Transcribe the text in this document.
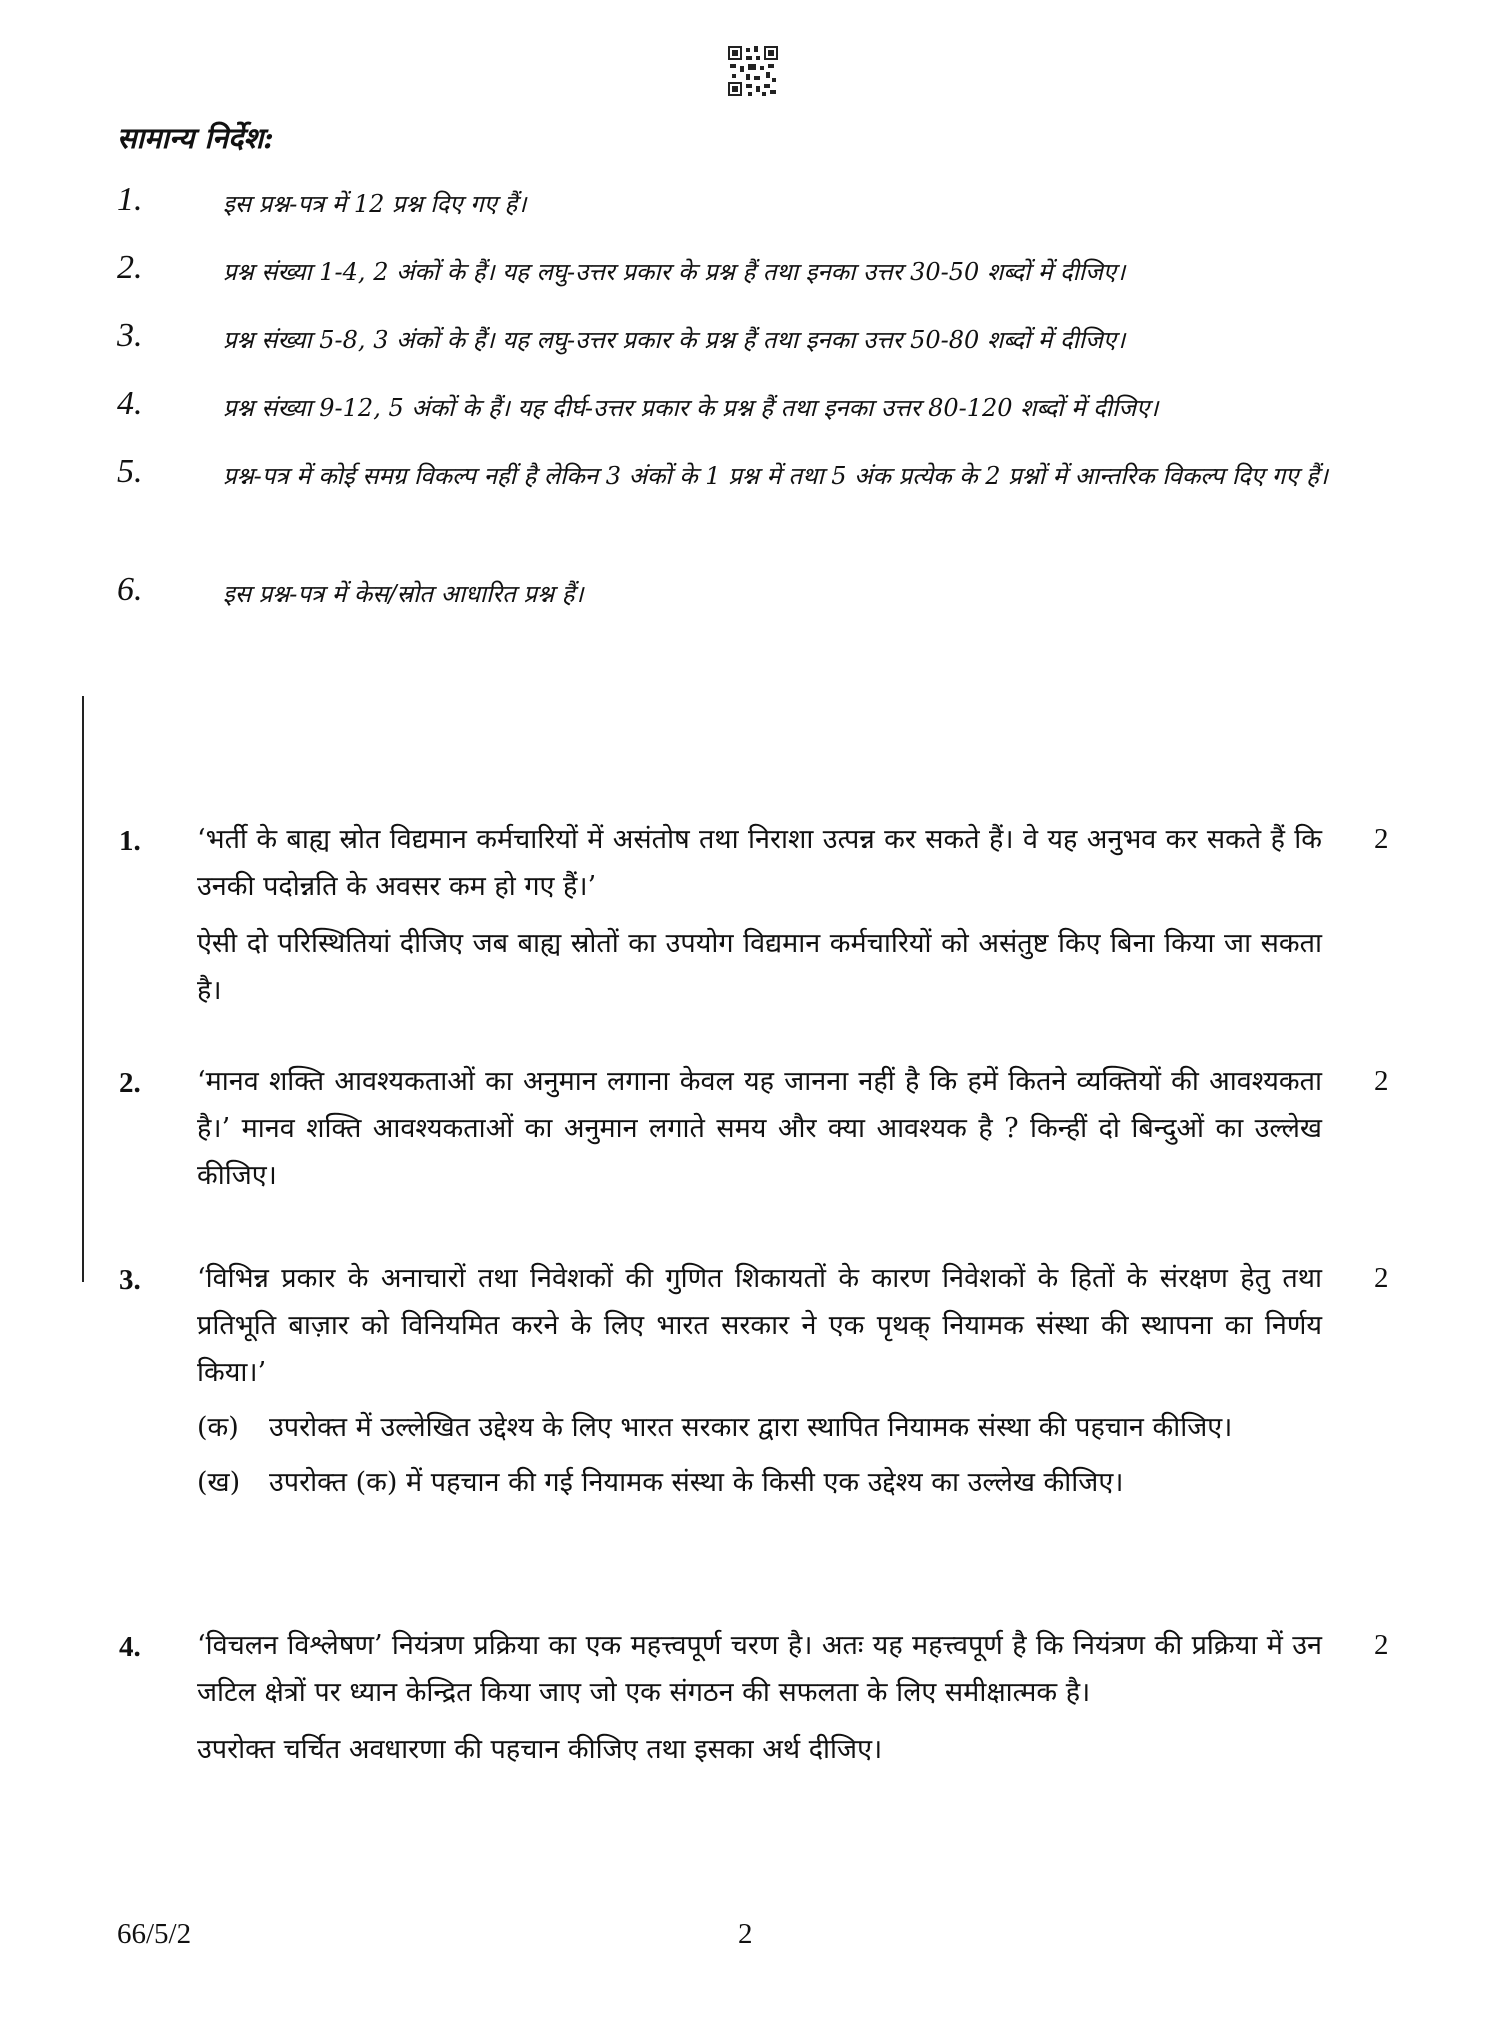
सामान्य निर्देश:
1.	इस प्रश्न-पत्र में 12 प्रश्न दिए गए हैं।
2.	प्रश्न संख्या 1-4, 2 अंकों के हैं। यह लघु-उत्तर प्रकार के प्रश्न हैं तथा इनका उत्तर 30-50 शब्दों में दीजिए।
3.	प्रश्न संख्या 5-8, 3 अंकों के हैं। यह लघु-उत्तर प्रकार के प्रश्न हैं तथा इनका उत्तर 50-80 शब्दों में दीजिए।
4.	प्रश्न संख्या 9-12, 5 अंकों के हैं। यह दीर्घ-उत्तर प्रकार के प्रश्न हैं तथा इनका उत्तर 80-120 शब्दों में दीजिए।
5.	प्रश्न-पत्र में कोई समग्र विकल्प नहीं है लेकिन 3 अंकों के 1 प्रश्न में तथा 5 अंक प्रत्येक के 2 प्रश्नों में आन्तरिक विकल्प दिए गए हैं।
6.	इस प्रश्न-पत्र में केस/स्रोत आधारित प्रश्न हैं।
1.	2
‘भर्ती के बाह्य स्रोत विद्यमान कर्मचारियों में असंतोष तथा निराशा उत्पन्न कर सकते हैं। वे यह अनुभव कर सकते हैं कि उनकी पदोन्नति के अवसर कम हो गए हैं।’
ऐसी दो परिस्थितियां दीजिए जब बाह्य स्रोतों का उपयोग विद्यमान कर्मचारियों को असंतुष्ट किए बिना किया जा सकता है।
2.	2
‘मानव शक्ति आवश्यकताओं का अनुमान लगाना केवल यह जानना नहीं है कि हमें कितने व्यक्तियों की आवश्यकता है।’ मानव शक्ति आवश्यकताओं का अनुमान लगाते समय और क्या आवश्यक है ? किन्हीं दो बिन्दुओं का उल्लेख कीजिए।
3.	2
‘विभिन्न प्रकार के अनाचारों तथा निवेशकों की गुणित शिकायतों के कारण निवेशकों के हितों के संरक्षण हेतु तथा प्रतिभूति बाज़ार को विनियमित करने के लिए भारत सरकार ने एक पृथक् नियामक संस्था की स्थापना का निर्णय किया।’
(क) उपरोक्त में उल्लेखित उद्देश्य के लिए भारत सरकार द्वारा स्थापित नियामक संस्था की पहचान कीजिए।
(ख) उपरोक्त (क) में पहचान की गई नियामक संस्था के किसी एक उद्देश्य का उल्लेख कीजिए।
4.	2
‘विचलन विश्लेषण’ नियंत्रण प्रक्रिया का एक महत्त्वपूर्ण चरण है। अतः यह महत्त्वपूर्ण है कि नियंत्रण की प्रक्रिया में उन जटिल क्षेत्रों पर ध्यान केन्द्रित किया जाए जो एक संगठन की सफलता के लिए समीक्षात्मक है।
उपरोक्त चर्चित अवधारणा की पहचान कीजिए तथा इसका अर्थ दीजिए।
66/5/2	2
